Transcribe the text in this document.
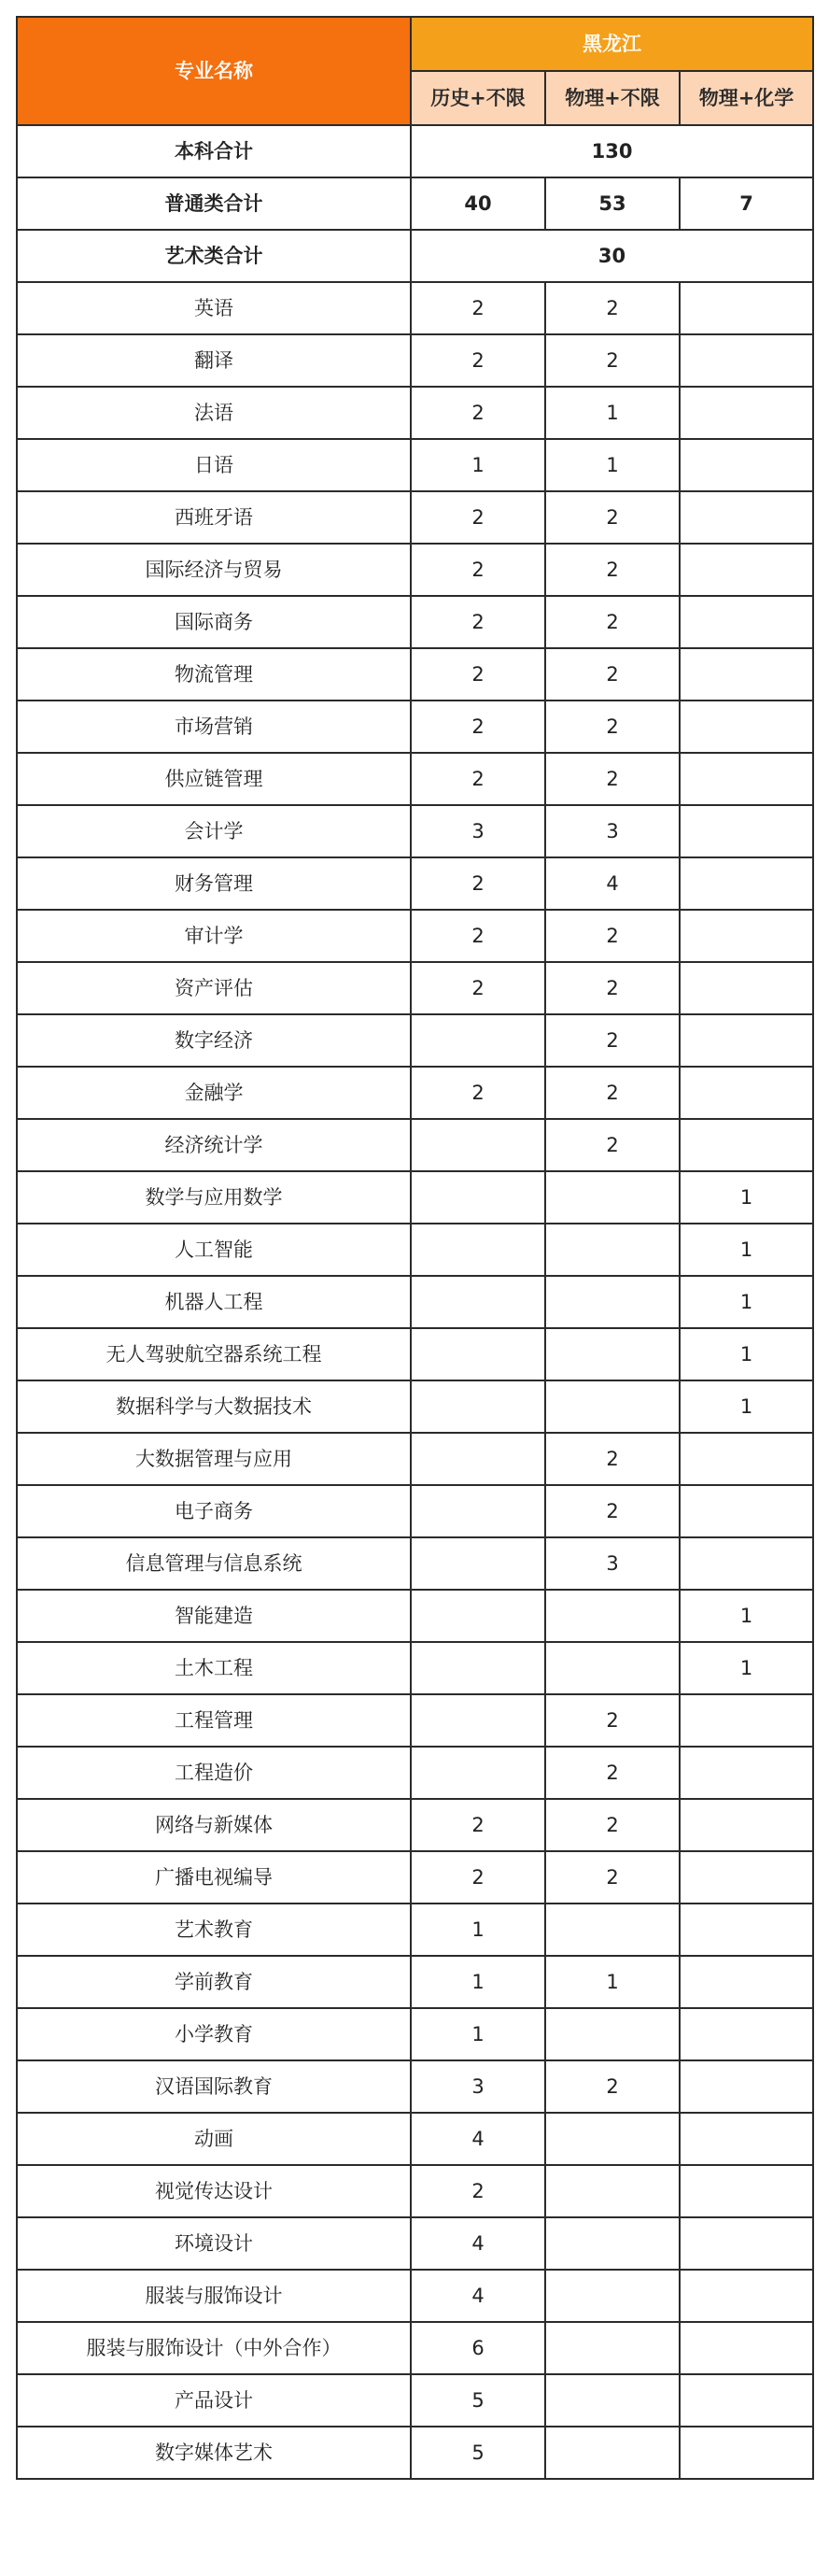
专业名称	黑龙江		
	历史+不限	物理+不限	物理+化学
本科合计	130		
普通类合计	40	53	7
艺术类合计	30		
英语	2	2	
翻译	2	2	
法语	2	1	
日语	1	1	
西班牙语	2	2	
国际经济与贸易	2	2	
国际商务	2	2	
物流管理	2	2	
市场营销	2	2	
供应链管理	2	2	
会计学	3	3	
财务管理	2	4	
审计学	2	2	
资产评估	2	2	
数字经济		2	
金融学	2	2	
经济统计学		2	
数学与应用数学			1
人工智能			1
机器人工程			1
无人驾驶航空器系统工程			1
数据科学与大数据技术			1
大数据管理与应用		2	
电子商务		2	
信息管理与信息系统		3	
智能建造			1
土木工程			1
工程管理		2	
工程造价		2	
网络与新媒体	2	2	
广播电视编导	2	2	
艺术教育	1		
学前教育	1	1	
小学教育	1		
汉语国际教育	3	2	
动画	4		
视觉传达设计	2		
环境设计	4		
服装与服饰设计	4		
服装与服饰设计（中外合作）	6		
产品设计	5		
数字媒体艺术	5		
